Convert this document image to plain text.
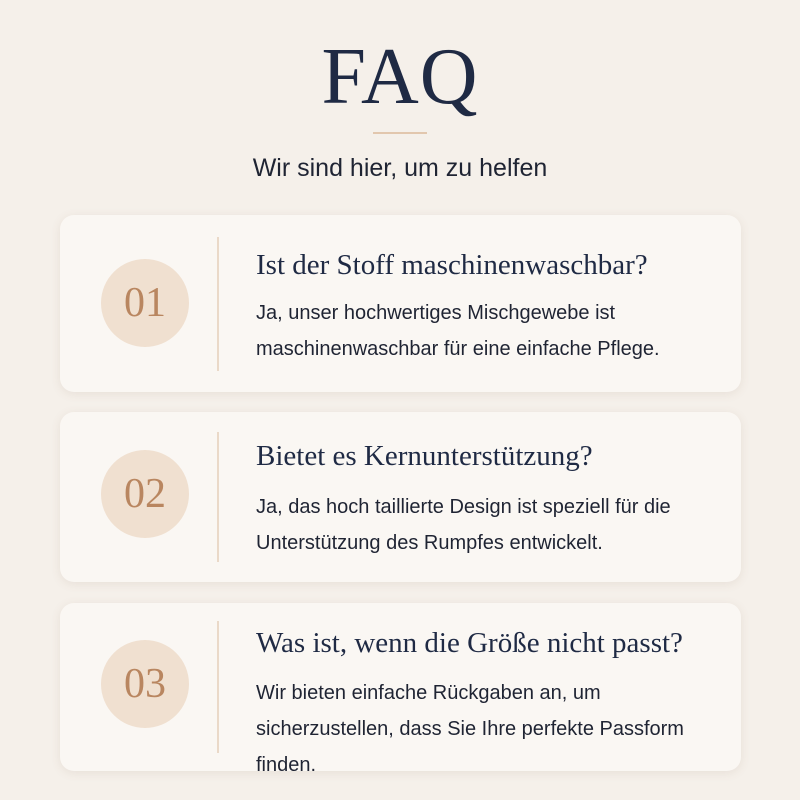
FAQ
Wir sind hier, um zu helfen
01
Ist der Stoff maschinenwaschbar?
Ja, unser hochwertiges Mischgewebe ist maschinenwaschbar für eine einfache Pflege.
02
Bietet es Kernunterstützung?
Ja, das hoch taillierte Design ist speziell für die Unterstützung des Rumpfes entwickelt.
03
Was ist, wenn die Größe nicht passt?
Wir bieten einfache Rückgaben an, um sicherzustellen, dass Sie Ihre perfekte Passform finden.
